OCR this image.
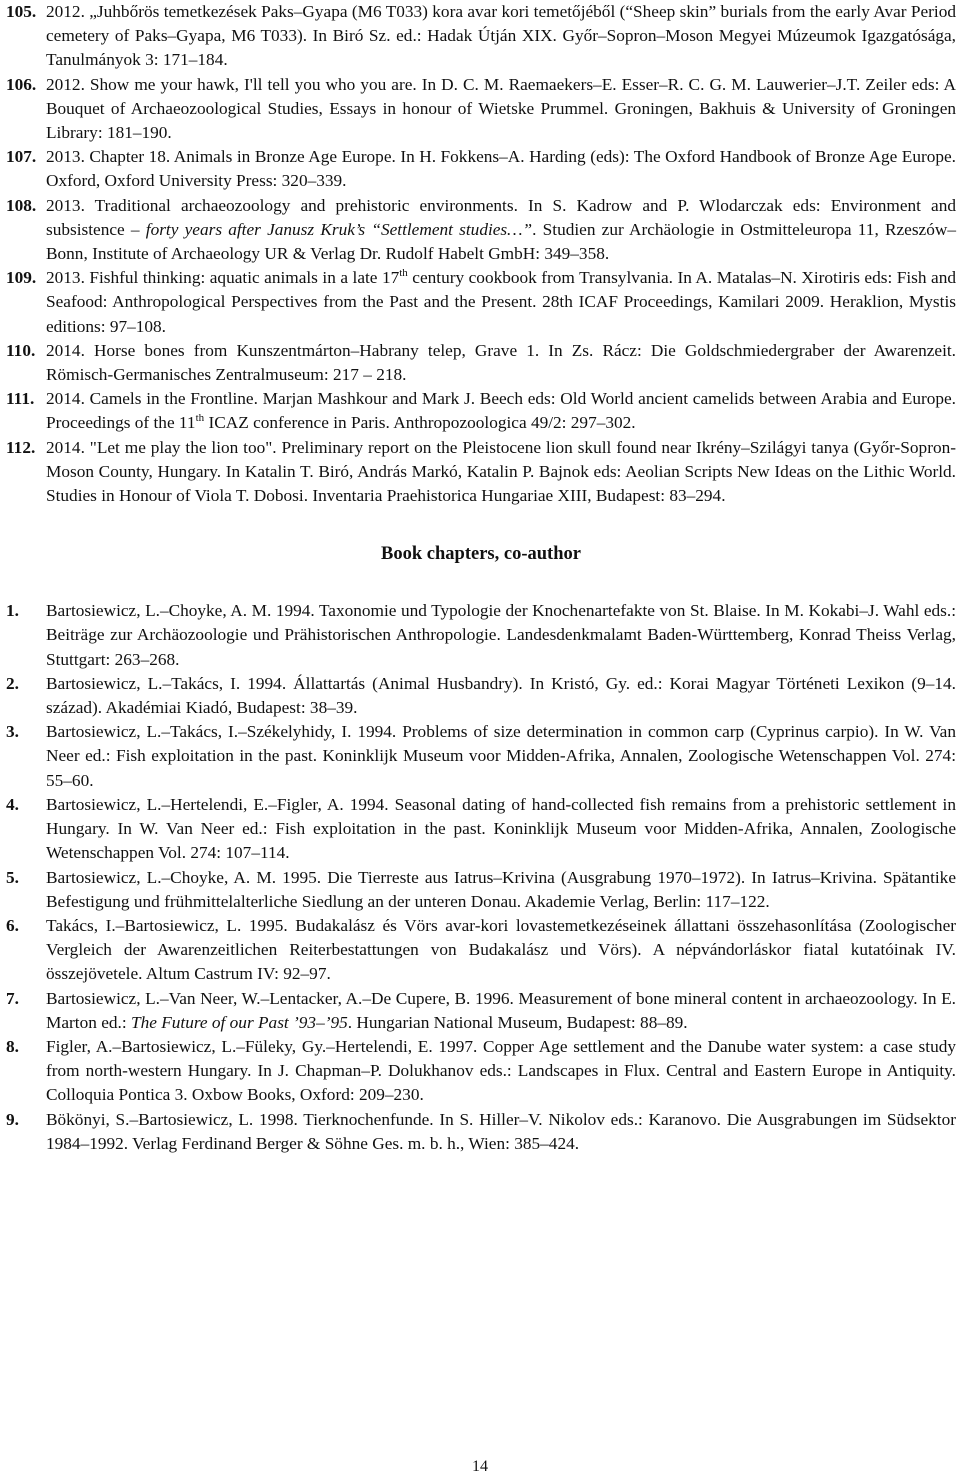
105. 2012. „Juhbőrös temetkezések Paks–Gyapa (M6 T033) kora avar kori temetőjéből (“Sheep skin” burials from the early Avar Period cemetery of Paks–Gyapa, M6 T033). In Biró Sz. ed.: Hadak Útján XIX. Győr–Sopron–Moson Megyei Múzeumok Igazgatósága, Tanulmányok 3: 171–184.
106. 2012. Show me your hawk, I'll tell you who you are. In D. C. M. Raemaekers–E. Esser–R. C. G. M. Lauwerier–J.T. Zeiler eds: A Bouquet of Archaeozoological Studies, Essays in honour of Wietske Prummel. Groningen, Bakhuis & University of Groningen Library: 181–190.
107. 2013. Chapter 18. Animals in Bronze Age Europe. In H. Fokkens–A. Harding (eds): The Oxford Handbook of Bronze Age Europe. Oxford, Oxford University Press: 320–339.
108. 2013. Traditional archaeozoology and prehistoric environments. In S. Kadrow and P. Wlodarczak eds: Environment and subsistence – forty years after Janusz Kruk’s “Settlement studies…”. Studien zur Archäologie in Ostmitteleuropa 11, Rzeszów–Bonn, Institute of Archaeology UR & Verlag Dr. Rudolf Habelt GmbH: 349–358.
109. 2013. Fishful thinking: aquatic animals in a late 17th century cookbook from Transylvania. In A. Matalas–N. Xirotiris eds: Fish and Seafood: Anthropological Perspectives from the Past and the Present. 28th ICAF Proceedings, Kamilari 2009. Heraklion, Mystis editions: 97–108.
110. 2014. Horse bones from Kunszentmárton–Habrany telep, Grave 1. In Zs. Rácz: Die Goldschmiedergraber der Awarenzeit. Römisch-Germanisches Zentralmuseum: 217 – 218.
111. 2014. Camels in the Frontline. Marjan Mashkour and Mark J. Beech eds: Old World ancient camelids between Arabia and Europe. Proceedings of the 11th ICAZ conference in Paris. Anthropozoologica 49/2: 297–302.
112. 2014. "Let me play the lion too". Preliminary report on the Pleistocene lion skull found near Ikrény–Szilágyi tanya (Győr-Sopron-Moson County, Hungary. In Katalin T. Biró, András Markó, Katalin P. Bajnok eds: Aeolian Scripts New Ideas on the Lithic World. Studies in Honour of Viola T. Dobosi. Inventaria Praehistorica Hungariae XIII, Budapest: 83–294.
Book chapters, co-author
1.	Bartosiewicz, L.–Choyke, A. M. 1994. Taxonomie und Typologie der Knochenartefakte von St. Blaise. In M. Kokabi–J. Wahl eds.: Beiträge zur Archäozoologie und Prähistorischen Anthropologie. Landesdenkmalamt Baden-Württemberg, Konrad Theiss Verlag, Stuttgart: 263–268.
2.	Bartosiewicz, L.–Takács, I. 1994. Állattartás (Animal Husbandry). In Kristó, Gy. ed.: Korai Magyar Történeti Lexikon (9–14. század). Akadémiai Kiadó, Budapest: 38–39.
3.	Bartosiewicz, L.–Takács, I.–Székelyhidy, I. 1994. Problems of size determination in common carp (Cyprinus carpio). In W. Van Neer ed.: Fish exploitation in the past. Koninklijk Museum voor Midden-Afrika, Annalen, Zoologische Wetenschappen Vol. 274: 55–60.
4.	Bartosiewicz, L.–Hertelendi, E.–Figler, A. 1994. Seasonal dating of hand-collected fish remains from a prehistoric settlement in Hungary. In W. Van Neer ed.: Fish exploitation in the past. Koninklijk Museum voor Midden-Afrika, Annalen, Zoologische Wetenschappen Vol. 274: 107–114.
5.	Bartosiewicz, L.–Choyke, A. M. 1995. Die Tierreste aus Iatrus–Krivina (Ausgrabung 1970–1972). In Iatrus–Krivina. Spätantike Befestigung und frühmittelalterliche Siedlung an der unteren Donau. Akademie Verlag, Berlin: 117–122.
6.	Takács, I.–Bartosiewicz, L. 1995. Budakalász és Vörs avar-kori lovastemetkezéseinek állattani összehasonlítása (Zoologischer Vergleich der Awarenzeitlichen Reiterbestattungen von Budakalász und Vörs). A népvándorláskor fiatal kutatóinak IV. összejövetele. Altum Castrum IV: 92–97.
7.	Bartosiewicz, L.–Van Neer, W.–Lentacker, A.–De Cupere, B. 1996. Measurement of bone mineral content in archaeozoology. In E. Marton ed.: The Future of our Past ’93–’95. Hungarian National Museum, Budapest: 88–89.
8.	Figler, A.–Bartosiewicz, L.–Füleky, Gy.–Hertelendi, E. 1997. Copper Age settlement and the Danube water system: a case study from north-western Hungary. In J. Chapman–P. Dolukhanov eds.: Landscapes in Flux. Central and Eastern Europe in Antiquity. Colloquia Pontica 3. Oxbow Books, Oxford: 209–230.
9.	Bökönyi, S.–Bartosiewicz, L. 1998. Tierknochenfunde. In S. Hiller–V. Nikolov eds.: Karanovo. Die Ausgrabungen im Südsektor 1984–1992. Verlag Ferdinand Berger & Söhne Ges. m. b. h., Wien: 385–424.
14
